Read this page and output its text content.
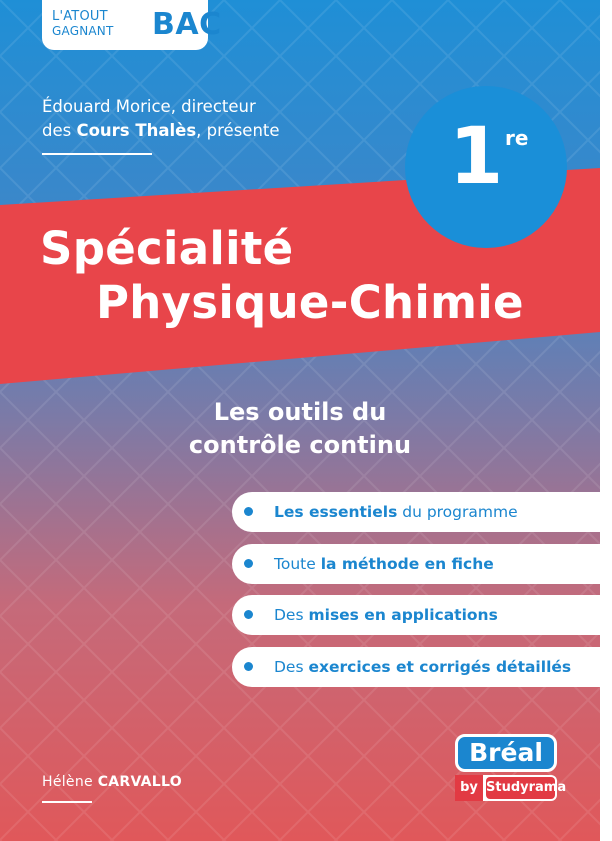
L'ATOUT
GAGNANT BAC
Édouard Morice, directeur
des Cours Thalès, présente 1 re
Spécialité
Physique-Chimie
Les outils du
contrôle continu
Les essentiels du programme
Toute la méthode en fiche
Des mises en applications
Des exercices et corrigés détaillés
Hélène CARVALLO
Bréal
by Studyrama
